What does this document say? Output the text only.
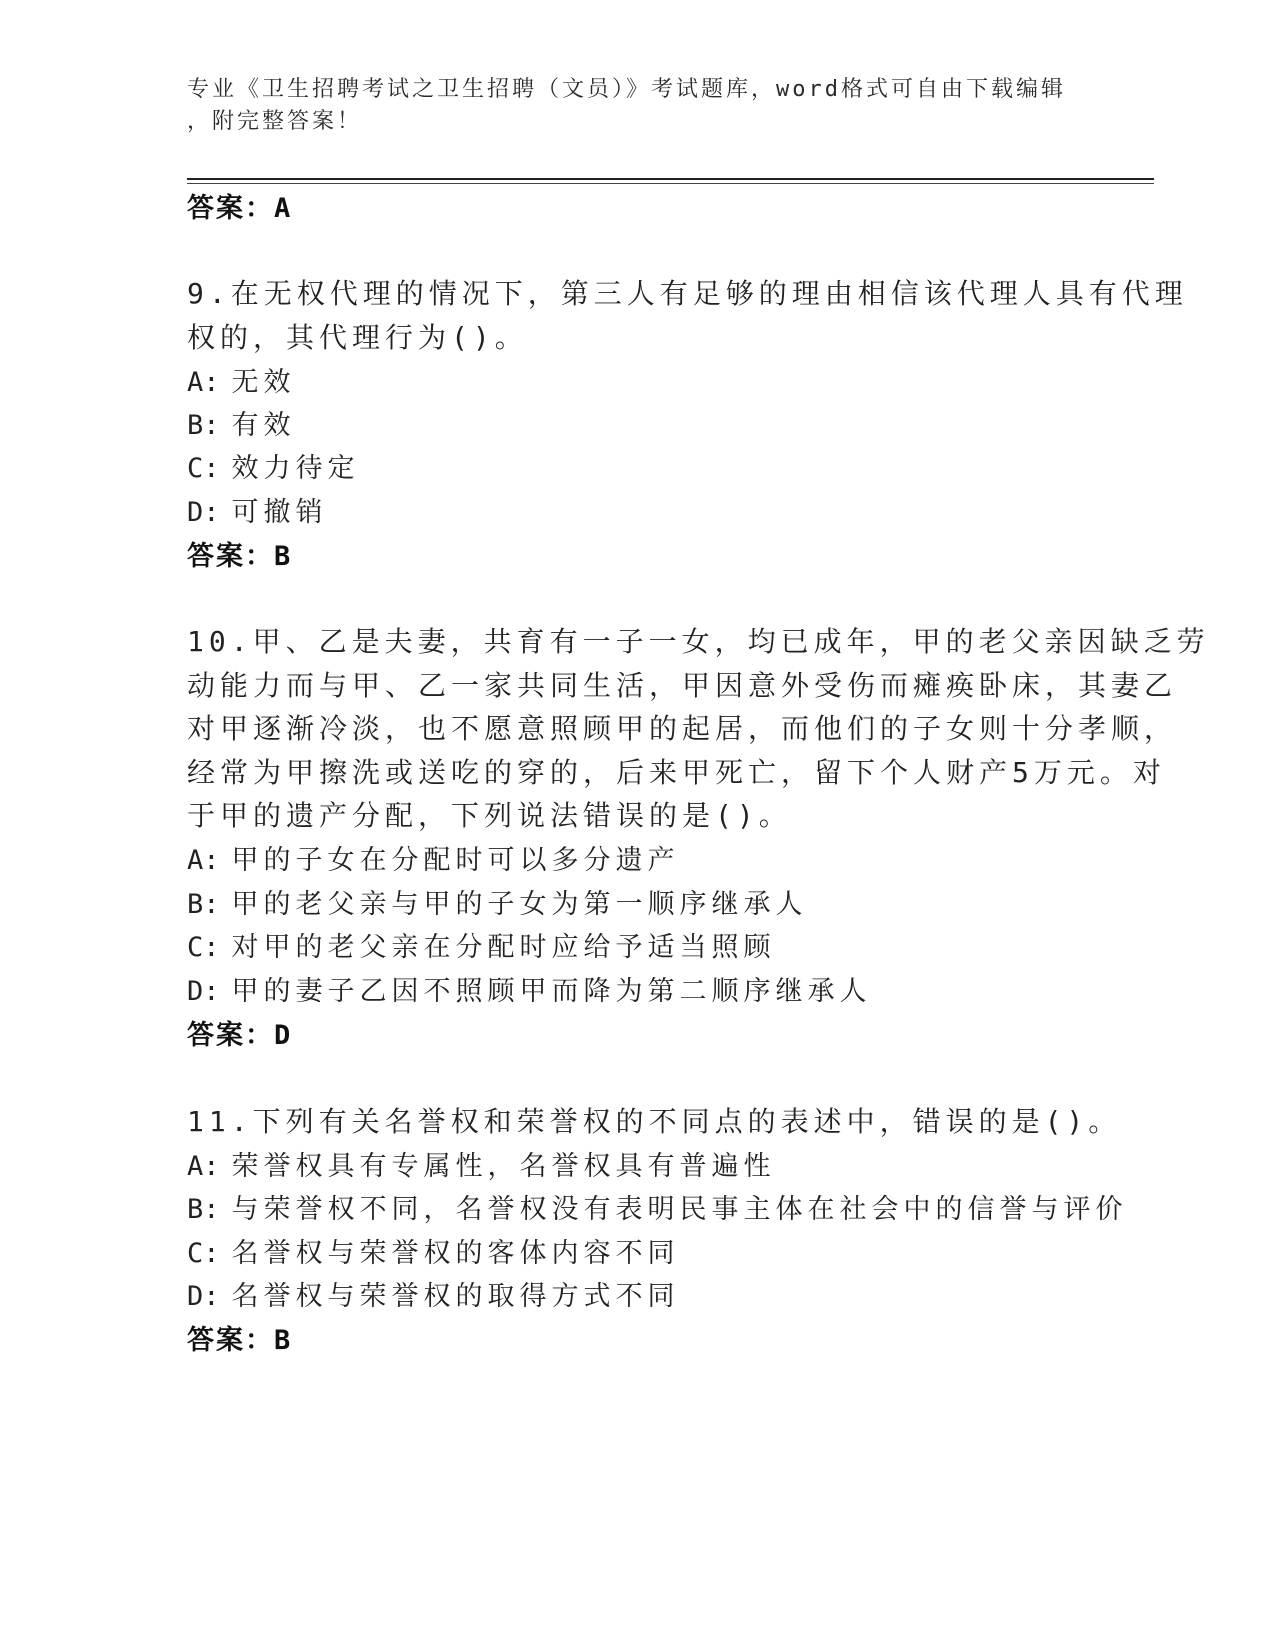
专业《卫生招聘考试之卫生招聘（文员）》考试题库，word格式可自由下载编辑
，附完整答案！
答案：A
9.在无权代理的情况下，第三人有足够的理由相信该代理人具有代理
权的，其代理行为()。
A: 无效
B: 有效
C: 效力待定
D: 可撤销
答案：B
10.甲、乙是夫妻，共育有一子一女，均已成年，甲的老父亲因缺乏劳
动能力而与甲、乙一家共同生活，甲因意外受伤而瘫痪卧床，其妻乙
对甲逐渐冷淡，也不愿意照顾甲的起居，而他们的子女则十分孝顺，
经常为甲擦洗或送吃的穿的，后来甲死亡，留下个人财产5万元。对
于甲的遗产分配，下列说法错误的是()。
A: 甲的子女在分配时可以多分遗产
B: 甲的老父亲与甲的子女为第一顺序继承人
C: 对甲的老父亲在分配时应给予适当照顾
D: 甲的妻子乙因不照顾甲而降为第二顺序继承人
答案：D
11.下列有关名誉权和荣誉权的不同点的表述中，错误的是()。
A: 荣誉权具有专属性，名誉权具有普遍性
B: 与荣誉权不同，名誉权没有表明民事主体在社会中的信誉与评价
C: 名誉权与荣誉权的客体内容不同
D: 名誉权与荣誉权的取得方式不同
答案：B
